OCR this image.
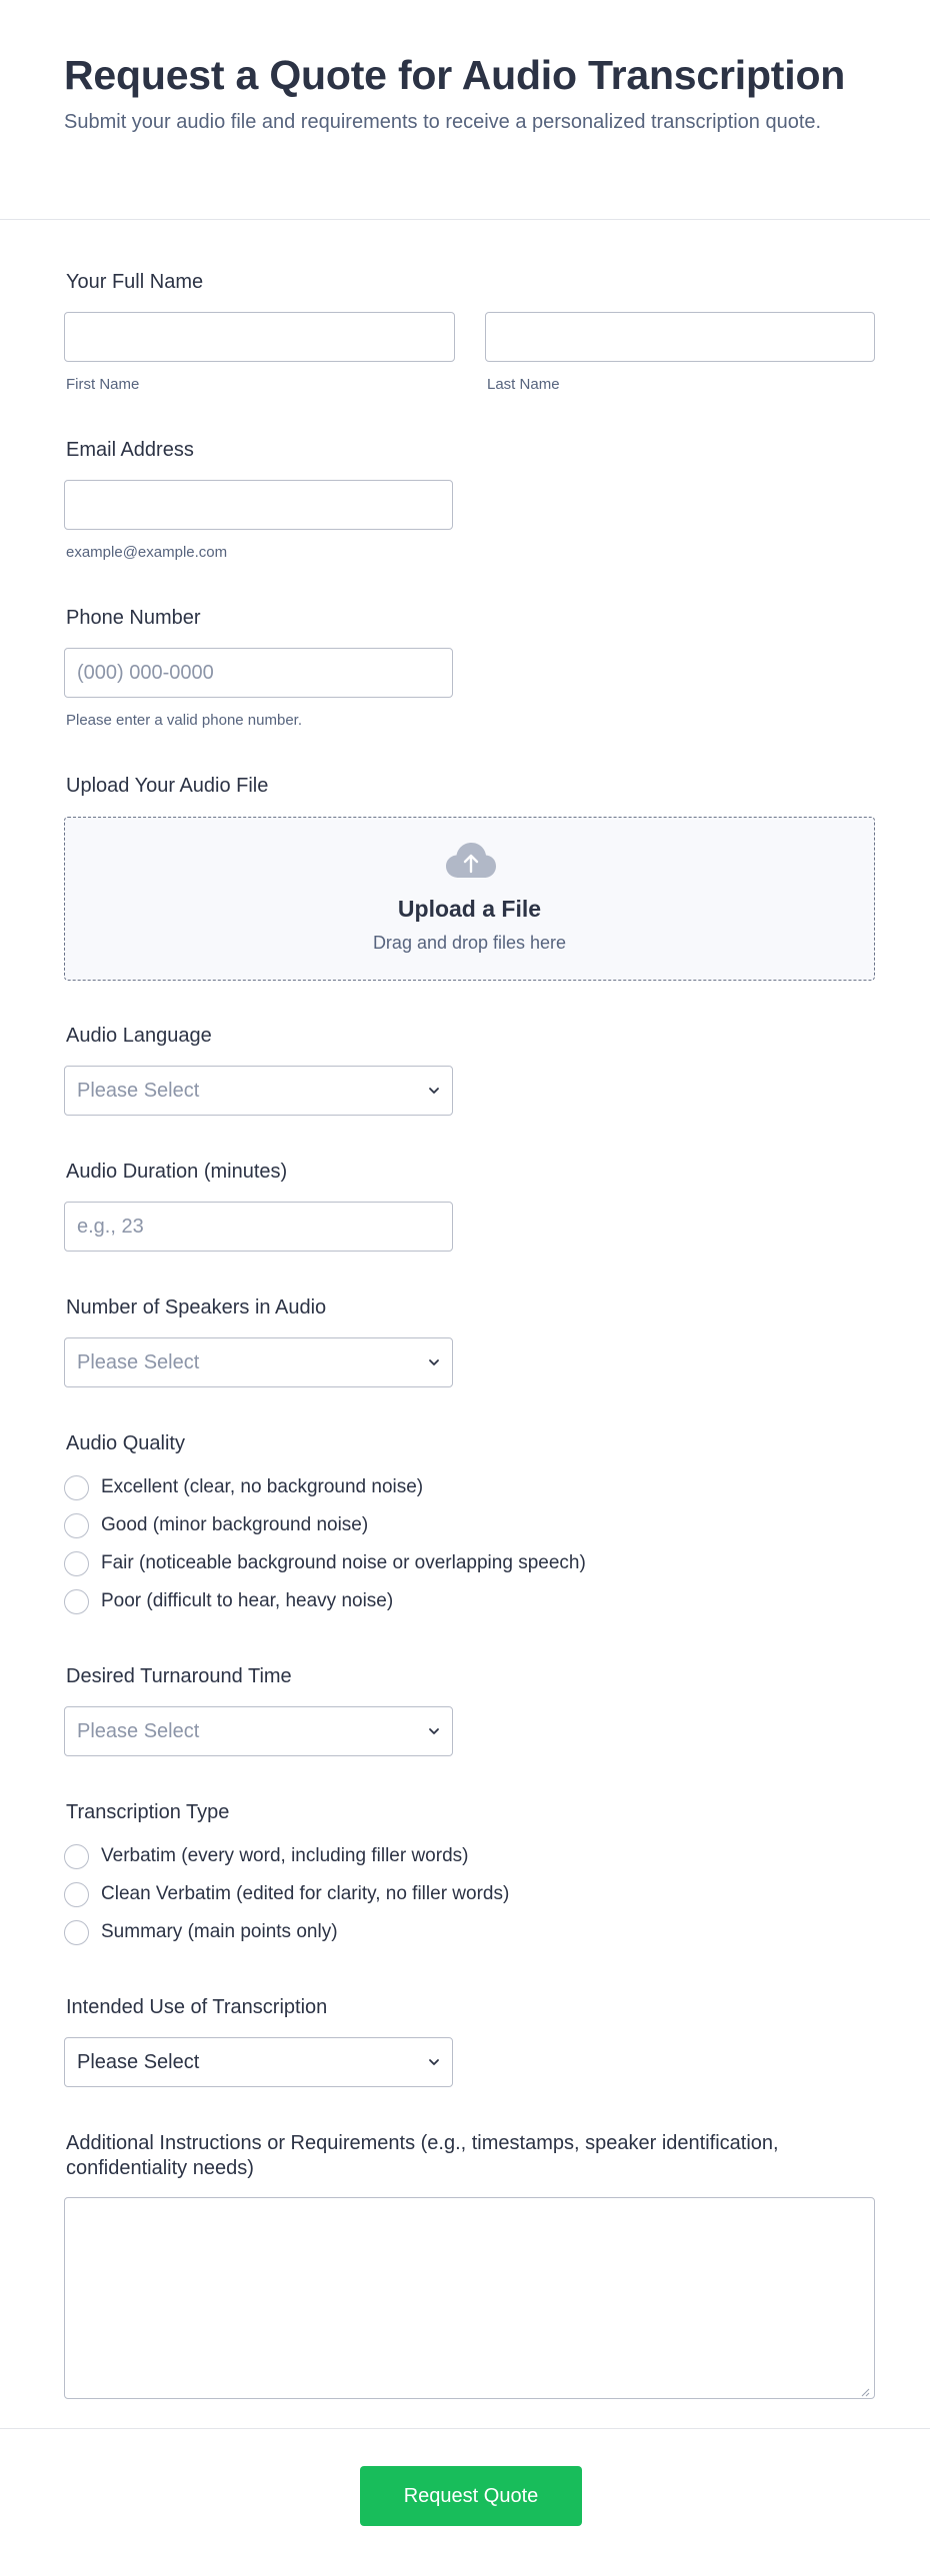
Request a Quote for Audio Transcription

Submit your audio file and requirements to receive a personalized transcription quote.

Your Full Name
First Name	Last Name
Email Address
example@example.com
Phone Number
(000) 000-0000
Please enter a valid phone number.
Upload Your Audio File
Upload a File
Drag and drop files here
Audio Language
Please Select
Audio Duration (minutes)
e.g., 23
Number of Speakers in Audio
Please Select
Audio Quality
Excellent (clear, no background noise)
Good (minor background noise)
Fair (noticeable background noise or overlapping speech)
Poor (difficult to hear, heavy noise)
Desired Turnaround Time
Please Select
Transcription Type
Verbatim (every word, including filler words)
Clean Verbatim (edited for clarity, no filler words)
Summary (main points only)
Intended Use of Transcription
Please Select
Additional Instructions or Requirements (e.g., timestamps, speaker identification, confidentiality needs)
Request Quote
